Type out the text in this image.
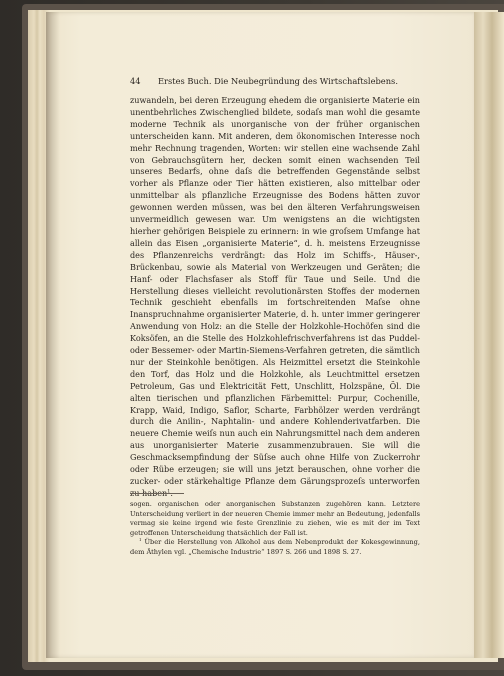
44 Erstes Buch. Die Neubegründung des Wirtschaftslebens.

zuwandeln, bei deren Erzeugung ehedem die organisierte Materie ein unentbehrliches Zwischenglied bildete, sodaſs man wohl die gesamte moderne Technik als unorganische von der früher organischen unterscheiden kann. Mit anderen, dem ökonomischen Interesse noch mehr Rechnung tragenden, Worten: wir stellen eine wachsende Zahl von Gebrauchsgütern her, decken somit einen wachsenden Teil unseres Bedarfs, ohne daſs die betreffenden Gegenstände selbst vorher als Pflanze oder Tier hätten existieren, also mittelbar oder unmittelbar als pflanzliche Erzeugnisse des Bodens hätten zuvor gewonnen werden müssen, was bei den älteren Verfahrungsweisen unvermeidlich gewesen war. Um wenigstens an die wichtigsten hierher gehörigen Beispiele zu erinnern: in wie groſsem Umfange hat allein das Eisen „organisierte Materie“, d. h. meistens Erzeugnisse des Pflanzenreichs verdrängt: das Holz im Schiffs-, Häuser-, Brückenbau, sowie als Material von Werkzeugen und Geräten; die Hanf- oder Flachsfaser als Stoff für Taue und Seile. Und die Herstellung dieses vielleicht revolutionärsten Stoffes der modernen Technik geschieht ebenfalls im fortschreitenden Maſse ohne Inanspruchnahme organisierter Materie, d. h. unter immer geringerer Anwendung von Holz: an die Stelle der Holzkohle-Hochöfen sind die Koksöfen, an die Stelle des Holzkohlefrischverfahrens ist das Puddel- oder Bessemer- oder Martin-Siemens-Verfahren getreten, die sämtlich nur der Steinkohle benötigen. Als Heizmittel ersetzt die Steinkohle den Torf, das Holz und die Holzkohle, als Leuchtmittel ersetzen Petroleum, Gas und Elektricität Fett, Unschlitt, Holzspäne, Öl. Die alten tierischen und pflanzlichen Färbemittel: Purpur, Cochenille, Krapp, Waid, Indigo, Saflor, Scharte, Farbhölzer werden verdrängt durch die Anilin-, Naphtalin- und andere Kohlenderivatfarben. Die neuere Chemie weiſs nun auch ein Nahrungsmittel nach dem anderen aus unorganisierter Materie zusammenzubrauen. Sie will die Geschmacksempfindung der Süſse auch ohne Hilfe von Zuckerrohr oder Rübe erzeugen; sie will uns jetzt berauschen, ohne vorher die zucker- oder stärkehaltige Pflanze dem Gärungsprozeſs unterworfen zu haben$^1$.

sogen. organischen oder anorganischen Substanzen zugehören kann. Letztere Unterscheidung verliert in der neueren Chemie immer mehr an Bedeutung, jedenfalls vermag sie keine irgend wie feste Grenzlinie zu ziehen, wie es mit der im Text getroffenen Unterscheidung thatsächlich der Fall ist.

$^1$ Über die Herstellung von Alkohol aus dem Nebenprodukt der Kokesgewinnung, dem Äthylen vgl. „Chemische Industrie“ 1897 S. 266 und 1898 S. 27.
